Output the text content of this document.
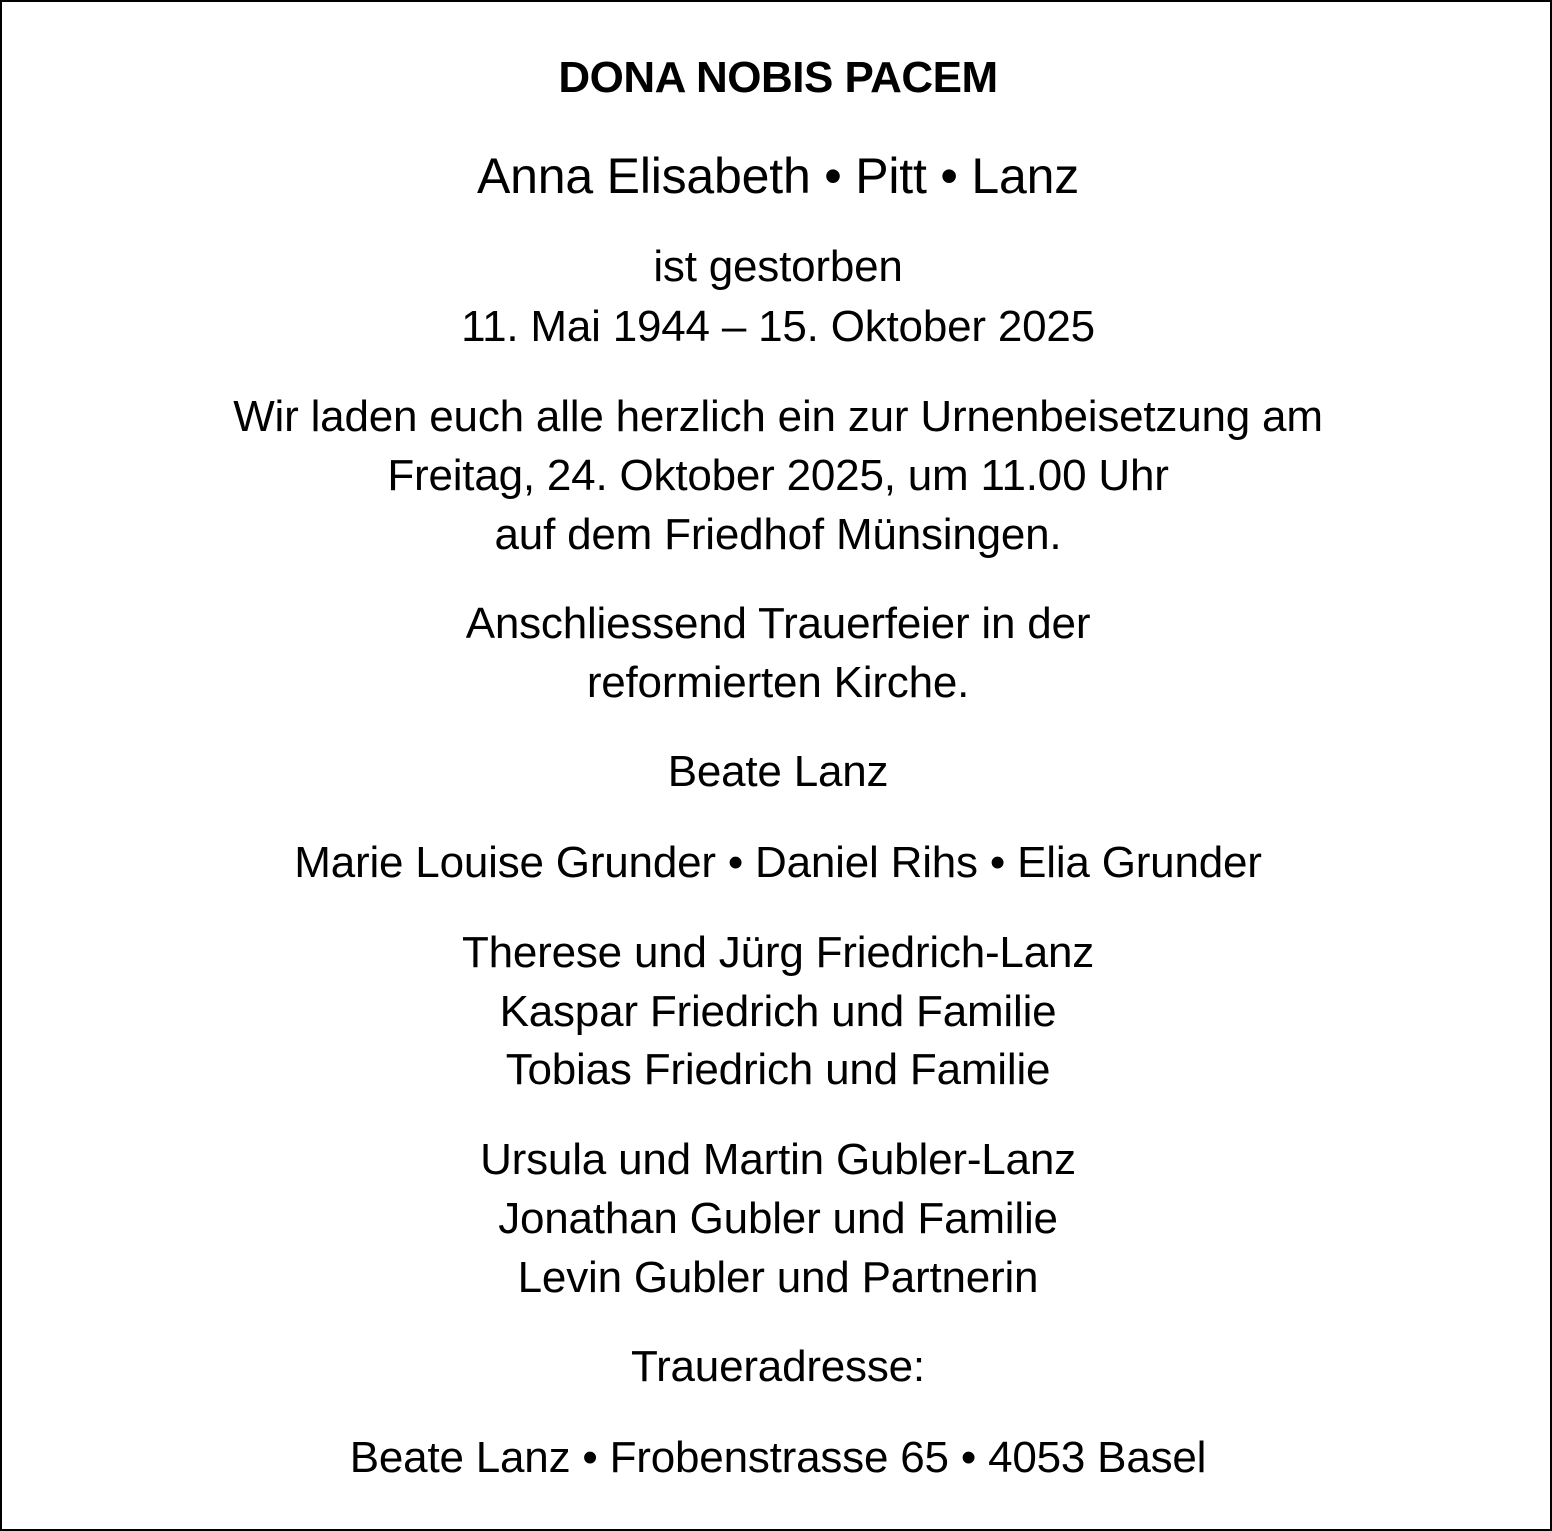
DONA NOBIS PACEM
Anna Elisabeth • Pitt • Lanz
ist gestorben
11. Mai 1944 – 15. Oktober 2025
Wir laden euch alle herzlich ein zur Urnenbeisetzung am
Freitag, 24. Oktober 2025, um 11.00 Uhr
auf dem Friedhof Münsingen.
Anschliessend Trauerfeier in der
reformierten Kirche.
Beate Lanz
Marie Louise Grunder • Daniel Rihs • Elia Grunder
Therese und Jürg Friedrich-Lanz
Kaspar Friedrich und Familie
Tobias Friedrich und Familie
Ursula und Martin Gubler-Lanz
Jonathan Gubler und Familie
Levin Gubler und Partnerin
Traueradresse:
Beate Lanz • Frobenstrasse 65 • 4053 Basel
